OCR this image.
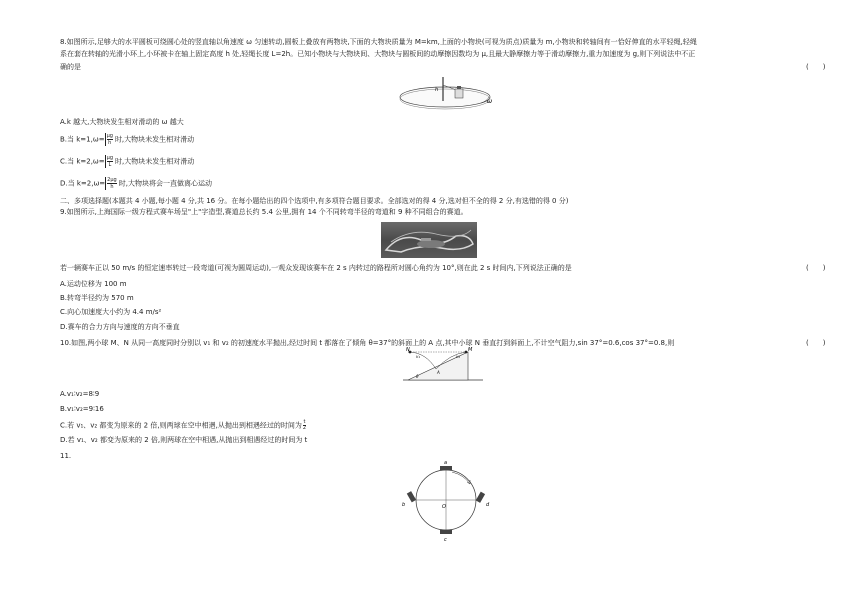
8.如图所示,足够大的水平圆板可绕圆心处的竖直轴以角速度 ω 匀速转动,圆板上叠放有两物块,下面的大物块质量为 M=km,上面的小物块(可视为质点)质量为 m,小物块和转轴间有一恰好伸直的水平轻绳,轻绳
系在套在转轴的光滑小环上,小环被卡在轴上固定高度 h 处,轻绳长度 L=2h。已知小物块与大物块间、大物块与圆板间的动摩擦因数均为 μ,且最大静摩擦力等于滑动摩擦力,重力加速度为 g,则下列说法中不正
确的是	(　　)
h
ω
A.k 越大,大物块发生相对滑动的 ω 越大
B.当 $k=1,\omega= \frac{\mu g}{h}$ 时,大物块未发生相对滑动
C.当 $k=2,\omega= \frac{\mu g}{L}$ 时,大物块未发生相对滑动
D.当 $k=2,\omega= \frac{2\mu g}{h}$ 时,大物块将会一直做离心运动
二、多项选择题(本题共 4 小题,每小题 4 分,共 16 分。在每小题给出的四个选项中,有多项符合题目要求。全部选对的得 4 分,选对但不全的得 2 分,有选错的得 0 分)
9.如图所示,上海国际一级方程式赛车场呈"上"字造型,赛道总长约 5.4 公里,拥有 14 个不同转弯半径的弯道和 9 种不同组合的赛道。
若一辆赛车正以 50 m/s 的恒定速率转过一段弯道(可视为圆周运动),一观众发现该赛车在 2 s 内转过的路程所对圆心角约为 10°,则在此 2 s 时间内,下列说法正确的是	(　　)
A.运动位移为 100 m
B.转弯半径约为 570 m
C.向心加速度大小约为 4.4 m/s²
D.赛车的合力方向与速度的方向不垂直
10.如图,两小球 M、N 从同一高度同时分别以 v₁ 和 v₂ 的初速度水平抛出,经过时间 t 都落在了倾角 θ=37°的斜面上的 A 点,其中小球 N 垂直打到斜面上,不计空气阻力,sin 37°=0.6,cos 37°=0.8,则	(　　)
N	M
v₁	v₂
A
θ
A.v₁∶v₂=8∶9
B.v₁∶v₂=9∶16
C.若 v₁、v₂ 都变为原来的 2 倍,则两球在空中相遇,从抛出到相遇经过的时间为 $\frac{t}{2}$
D.若 v₁、v₂ 都变为原来的 2 倍,则两球在空中相遇,从抛出到相遇经过的时间为 t
11.
a
c
b	d
O
